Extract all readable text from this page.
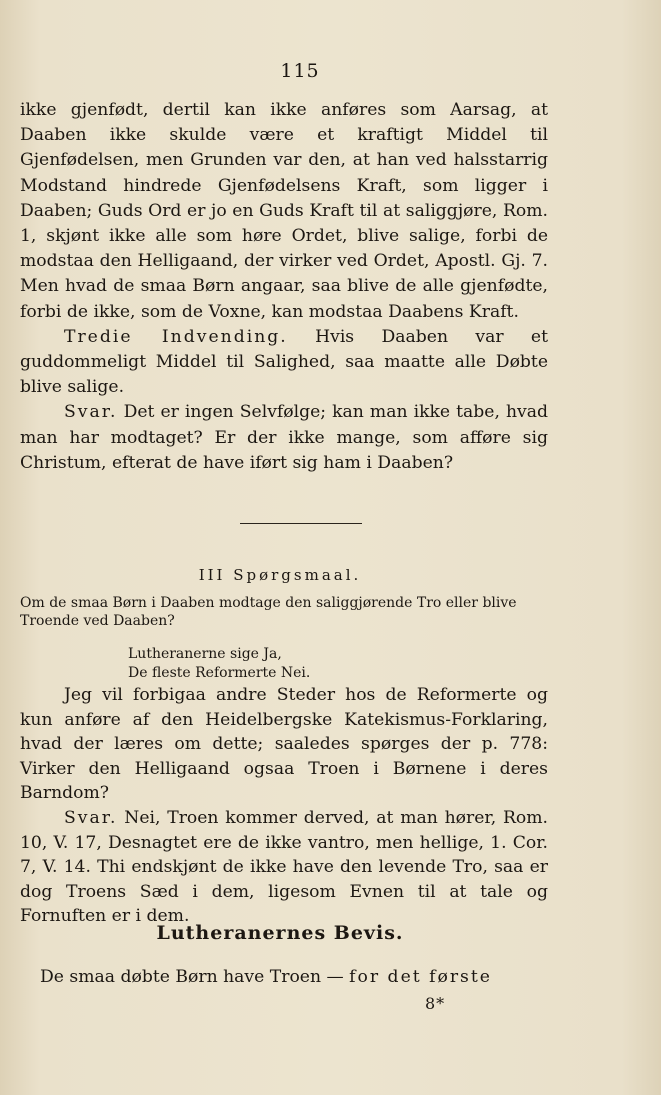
115

ikke gjenfødt, dertil kan ikke anføres som Aarsag, at Daaben ikke skulde være et kraftigt Middel til Gjenfødelsen, men Grunden var den, at han ved halsstarrig Modstand hindrede Gjenfødelsens Kraft, som ligger i Daaben; Guds Ord er jo en Guds Kraft til at saliggjøre, Rom. 1, skjønt ikke alle som høre Ordet, blive salige, forbi de modstaa den Helligaand, der virker ved Ordet, Apostl. Gj. 7. Men hvad de smaa Børn angaar, saa blive de alle gjenfødte, forbi de ikke, som de Voxne, kan modstaa Daabens Kraft.

Tredie Indvending. Hvis Daaben var et guddommeligt Middel til Salighed, saa maatte alle Døbte blive salige.

Svar. Det er ingen Selvfølge; kan man ikke tabe, hvad man har modtaget? Er der ikke mange, som afføre sig Christum, efterat de have iført sig ham i Daaben?

III Spørgsmaal.
Om de smaa Børn i Daaben modtage den saliggjørende Tro eller blive Troende ved Daaben?
Lutheranerne sige Ja,
De fleste Reformerte Nei.

Jeg vil forbigaa andre Steder hos de Reformerte og kun anføre af den Heidelbergske Katekismus-Forklaring, hvad der læres om dette; saaledes spørges der p. 778: Virker den Helligaand ogsaa Troen i Børnene i deres Barndom?

Svar. Nei, Troen kommer derved, at man hører, Rom. 10, V. 17, Desnagtet ere de ikke vantro, men hellige, 1. Cor. 7, V. 14. Thi endskjønt de ikke have den levende Tro, saa er dog Troens Sæd i dem, ligesom Evnen til at tale og Fornuften er i dem.

Lutheranernes Bevis.
De smaa døbte Børn have Troen — for det første
8*
